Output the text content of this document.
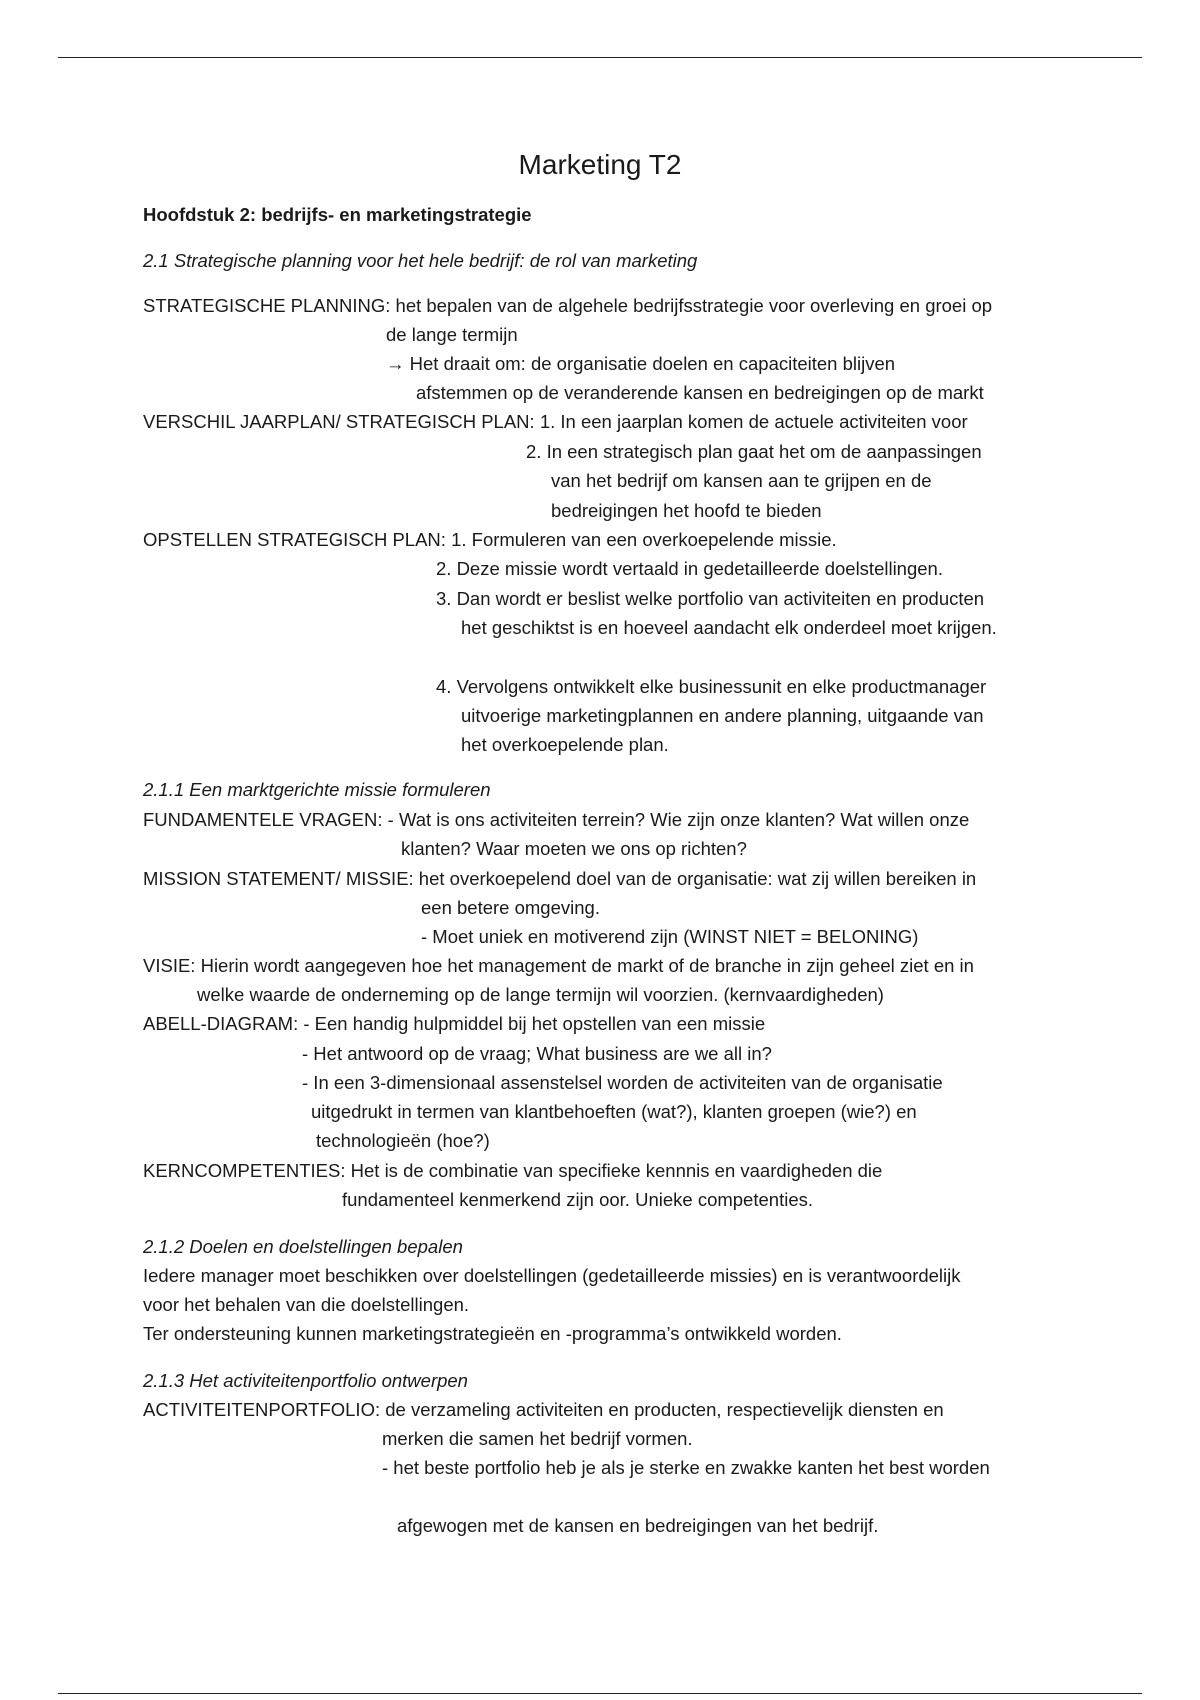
Marketing T2
Hoofdstuk 2: bedrijfs- en marketingstrategie
2.1 Strategische planning voor het hele bedrijf: de rol van marketing
STRATEGISCHE PLANNING: het bepalen van de algehele bedrijfsstrategie voor overleving en groei op
de lange termijn
→ Het draait om: de organisatie doelen en capaciteiten blijven
afstemmen op de veranderende kansen en bedreigingen op de markt
VERSCHIL JAARPLAN/ STRATEGISCH PLAN: 1. In een jaarplan komen de actuele activiteiten voor
2. In een strategisch plan gaat het om de aanpassingen
van het bedrijf om kansen aan te grijpen en de
bedreigingen het hoofd te bieden
OPSTELLEN STRATEGISCH PLAN: 1. Formuleren van een overkoepelende missie.
2. Deze missie wordt vertaald in gedetailleerde doelstellingen.
3. Dan wordt er beslist welke portfolio van activiteiten en producten
het geschiktst is en hoeveel aandacht elk onderdeel moet krijgen.
4. Vervolgens ontwikkelt elke businessunit en elke productmanager
uitvoerige marketingplannen en andere planning, uitgaande van
het overkoepelende plan.
2.1.1 Een marktgerichte missie formuleren
FUNDAMENTELE VRAGEN: - Wat is ons activiteiten terrein? Wie zijn onze klanten? Wat willen onze
klanten? Waar moeten we ons op richten?
MISSION STATEMENT/ MISSIE: het overkoepelend doel van de organisatie: wat zij willen bereiken in
een betere omgeving.
- Moet uniek en motiverend zijn (WINST NIET = BELONING)
VISIE: Hierin wordt aangegeven hoe het management de markt of de branche in zijn geheel ziet en in
welke waarde de onderneming op de lange termijn wil voorzien. (kernvaardigheden)
ABELL-DIAGRAM: - Een handig hulpmiddel bij het opstellen van een missie
- Het antwoord op de vraag; What business are we all in?
- In een 3-dimensionaal assenstelsel worden de activiteiten van de organisatie
uitgedrukt in termen van klantbehoeften (wat?), klanten groepen (wie?) en
technologieën (hoe?)
KERNCOMPETENTIES: Het is de combinatie van specifieke kennnis en vaardigheden die
fundamenteel kenmerkend zijn oor. Unieke competenties.
2.1.2 Doelen en doelstellingen bepalen
Iedere manager moet beschikken over doelstellingen (gedetailleerde missies) en is verantwoordelijk
voor het behalen van die doelstellingen.
Ter ondersteuning kunnen marketingstrategieën en -programma’s ontwikkeld worden.
2.1.3 Het activiteitenportfolio ontwerpen
ACTIVITEITENPORTFOLIO: de verzameling activiteiten en producten, respectievelijk diensten en
merken die samen het bedrijf vormen.
- het beste portfolio heb je als je sterke en zwakke kanten het best worden
afgewogen met de kansen en bedreigingen van het bedrijf.
